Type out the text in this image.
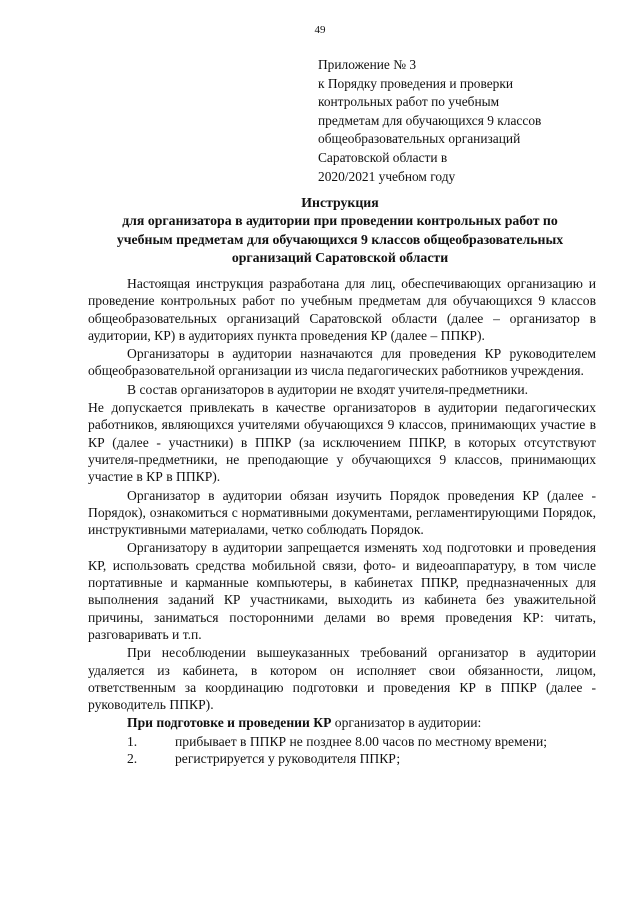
49
Приложение № 3
к Порядку проведения и проверки
контрольных работ по учебным
предметам для обучающихся 9 классов
общеобразовательных организаций
Саратовской области в
2020/2021 учебном году
Инструкция
для организатора в аудитории при проведении контрольных работ по
учебным предметам для обучающихся 9 классов общеобразовательных
организаций Саратовской области

Настоящая инструкция разработана для лиц, обеспечивающих организацию и проведение контрольных работ по учебным предметам для обучающихся 9 классов общеобразовательных организаций Саратовской области (далее – организатор в аудитории, КР) в аудиториях пункта проведения КР (далее – ППКР).

Организаторы в аудитории назначаются для проведения КР руководителем общеобразовательной организации из числа педагогических работников учреждения.

В состав организаторов в аудитории не входят учителя-предметники.

Не допускается привлекать в качестве организаторов в аудитории педагогических работников, являющихся учителями обучающихся 9 классов, принимающих участие в КР (далее - участники) в ППКР (за исключением ППКР, в которых отсутствуют учителя-предметники, не преподающие у обучающихся 9 классов, принимающих участие в КР в ППКР).

Организатор в аудитории обязан изучить Порядок проведения КР (далее - Порядок), ознакомиться с нормативными документами, регламентирующими Порядок, инструктивными материалами, четко соблюдать Порядок.

Организатору в аудитории запрещается изменять ход подготовки и проведения КР, использовать средства мобильной связи, фото- и видеоаппаратуру, в том числе портативные и карманные компьютеры, в кабинетах ППКР, предназначенных для выполнения заданий КР участниками, выходить из кабинета без уважительной причины, заниматься посторонними делами во время проведения КР: читать, разговаривать и т.п.

При несоблюдении вышеуказанных требований организатор в аудитории удаляется из кабинета, в котором он исполняет свои обязанности, лицом, ответственным за координацию подготовки и проведения КР в ППКР (далее - руководитель ППКР).

При подготовке и проведении КР организатор в аудитории:

1.	прибывает в ППКР не позднее 8.00 часов по местному времени;
2.	регистрируется у руководителя ППКР;
